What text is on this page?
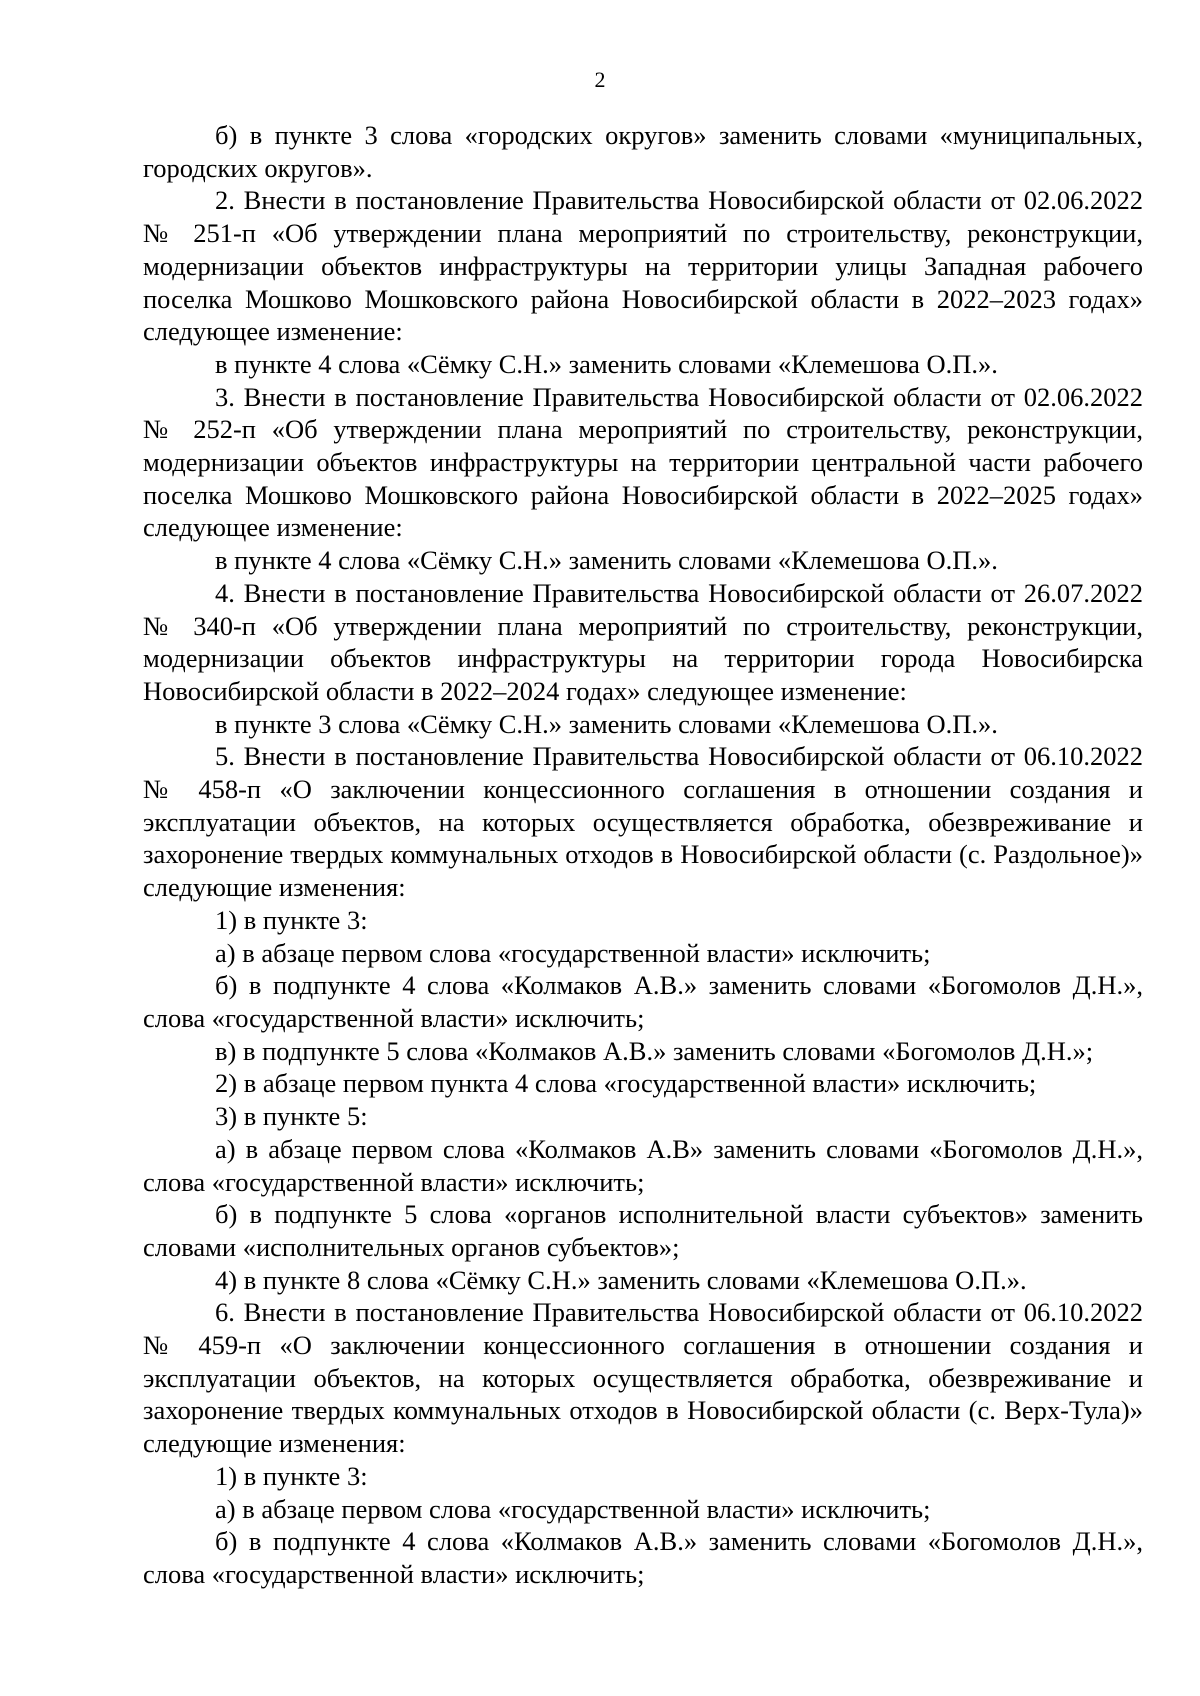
2

б) в пункте 3 слова «городских округов» заменить словами «муниципальных, городских округов».

2. Внести в постановление Правительства Новосибирской области от 02.06.2022 № 251-п «Об утверждении плана мероприятий по строительству, реконструкции, модернизации объектов инфраструктуры на территории улицы Западная рабочего поселка Мошково Мошковского района Новосибирской области в 2022–2023 годах» следующее изменение:

в пункте 4 слова «Сёмку С.Н.» заменить словами «Клемешова О.П.».

3. Внести в постановление Правительства Новосибирской области от 02.06.2022 № 252-п «Об утверждении плана мероприятий по строительству, реконструкции, модернизации объектов инфраструктуры на территории центральной части рабочего поселка Мошково Мошковского района Новосибирской области в 2022–2025 годах» следующее изменение:

в пункте 4 слова «Сёмку С.Н.» заменить словами «Клемешова О.П.».

4. Внести в постановление Правительства Новосибирской области от 26.07.2022 № 340-п «Об утверждении плана мероприятий по строительству, реконструкции, модернизации объектов инфраструктуры на территории города Новосибирска Новосибирской области в 2022–2024 годах» следующее изменение:

в пункте 3 слова «Сёмку С.Н.» заменить словами «Клемешова О.П.».

5. Внести в постановление Правительства Новосибирской области от 06.10.2022 № 458-п «О заключении концессионного соглашения в отношении создания и эксплуатации объектов, на которых осуществляется обработка, обезвреживание и захоронение твердых коммунальных отходов в Новосибирской области (с. Раздольное)» следующие изменения:

1) в пункте 3:

а) в абзаце первом слова «государственной власти» исключить;

б) в подпункте 4 слова «Колмаков А.В.» заменить словами «Богомолов Д.Н.», слова «государственной власти» исключить;

в) в подпункте 5 слова «Колмаков А.В.» заменить словами «Богомолов Д.Н.»;

2) в абзаце первом пункта 4 слова «государственной власти» исключить;

3) в пункте 5:

а) в абзаце первом слова «Колмаков А.В» заменить словами «Богомолов Д.Н.», слова «государственной власти» исключить;

б) в подпункте 5 слова «органов исполнительной власти субъектов» заменить словами «исполнительных органов субъектов»;

4) в пункте 8 слова «Сёмку С.Н.» заменить словами «Клемешова О.П.».

6. Внести в постановление Правительства Новосибирской области от 06.10.2022 № 459-п «О заключении концессионного соглашения в отношении создания и эксплуатации объектов, на которых осуществляется обработка, обезвреживание и захоронение твердых коммунальных отходов в Новосибирской области (с. Верх-Тула)» следующие изменения:

1) в пункте 3:

а) в абзаце первом слова «государственной власти» исключить;

б) в подпункте 4 слова «Колмаков А.В.» заменить словами «Богомолов Д.Н.», слова «государственной власти» исключить;
